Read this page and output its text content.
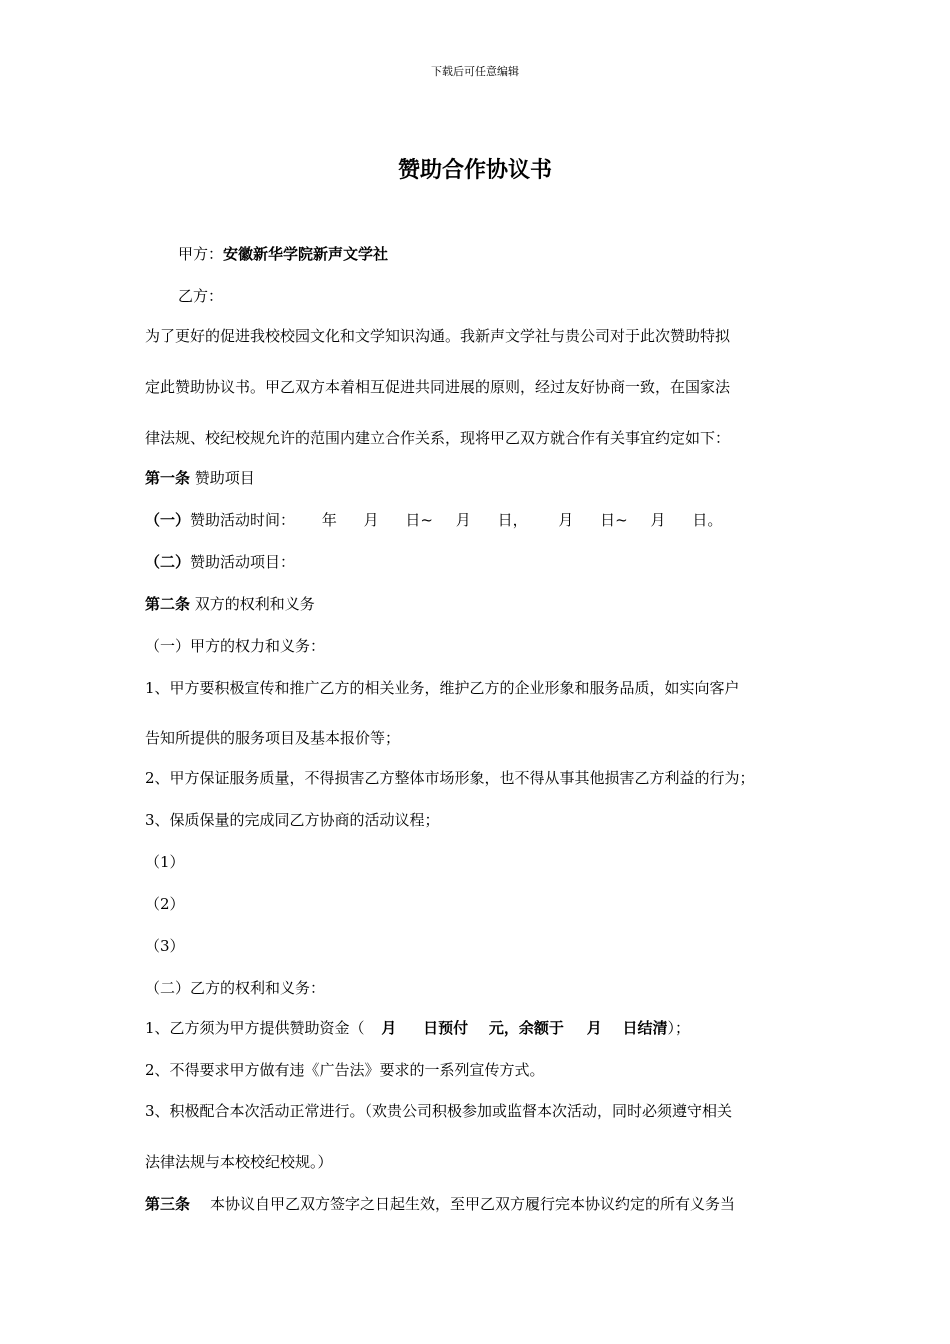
下载后可任意编辑
赞助合作协议书
甲方：安徽新华学院新声文学社
乙方：
为了更好的促进我校校园文化和文学知识沟通。我新声文学社与贵公司对于此次赞助特拟
定此赞助协议书。甲乙双方本着相互促进共同进展的原则，经过友好协商一致，在国家法
律法规、校纪校规允许的范围内建立合作关系，现将甲乙双方就合作有关事宜约定如下：
第一条 赞助项目
（一）赞助活动时间： 年 月 日~ 月 日， 月 日~ 月 日。
（二）赞助活动项目：
第二条 双方的权利和义务
（一）甲方的权力和义务：
1、甲方要积极宣传和推广乙方的相关业务，维护乙方的企业形象和服务品质，如实向客户
告知所提供的服务项目及基本报价等；
2、甲方保证服务质量，不得损害乙方整体市场形象，也不得从事其他损害乙方利益的行为；
3、保质保量的完成同乙方协商的活动议程；
（1）
（2）
（3）
（二）乙方的权利和义务：
1、乙方须为甲方提供赞助资金（ 月 日预付 元，余额于 月 日结清）；
2、不得要求甲方做有违《广告法》要求的一系列宣传方式。
3、积极配合本次活动正常进行。（欢贵公司积极参加或监督本次活动，同时必须遵守相关
法律法规与本校校纪校规。）
第三条 本协议自甲乙双方签字之日起生效，至甲乙双方履行完本协议约定的所有义务当
